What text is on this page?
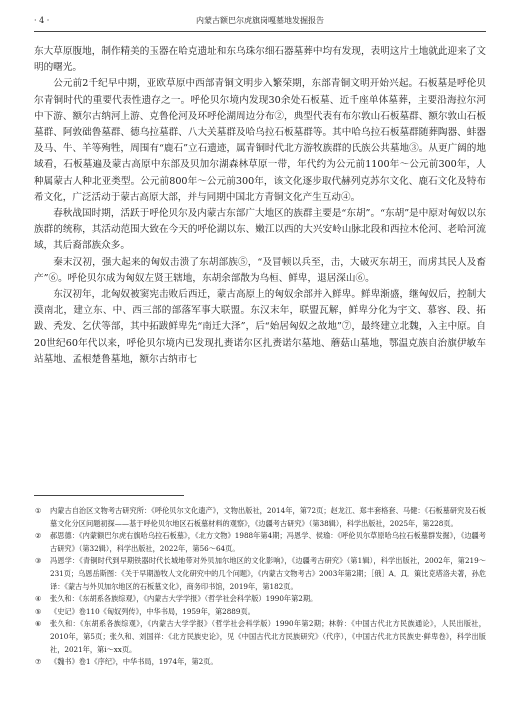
· 4 ·	内蒙古额巴尔虎旗岗嘎墓地发掘报告

东大草原腹地，制作精美的玉器在哈克遗址和东乌珠尔细石器墓葬中均有发现，表明这片土地就此迎来了文明的曙光。

公元前2千纪早中期，亚欧草原中西部青铜文明步入繁荣期，东部青铜文明开始兴起。石板墓是呼伦贝尔青铜时代的重要代表性遗存之一。呼伦贝尔境内发现30余处石板墓、近千座单体墓葬，主要沿海拉尔河中下游、额尔古纳河上游、克鲁伦河及环呼伦湖周边分布②，典型代表有布尔敦山石板墓群、额尔敦山石板墓群、阿敦础鲁墓群、德乌拉墓群、八大关墓群及哈乌拉石板墓群等。其中哈乌拉石板墓群随葬陶器、蚌器及马、牛、羊等殉牲，周围有“鹿石”立石遗迹，属青铜时代北方游牧族群的氏族公共墓地③。从更广阔的地域看，石板墓遍及蒙古高原中东部及贝加尔湖森林草原一带，年代约为公元前1100年～公元前300年，人种属蒙古人种北亚类型。公元前800年～公元前300年，该文化逐步取代赫列克苏尔文化、鹿石文化及特布希文化，广泛活动于蒙古高原大部，并与同期中国北方青铜文化产生互动④。

春秋战国时期，活跃于呼伦贝尔及内蒙古东部广大地区的族群主要是“东胡”。“东胡”是中原对匈奴以东族群的统称，其活动范围大致在今天的呼伦湖以东、嫩江以西的大兴安岭山脉北段和西拉木伦河、老哈河流域，其后裔部族众多。

秦末汉初，强大起来的匈奴击溃了东胡部族⑤，“及冒顿以兵至，击，大破灭东胡王，而虏其民人及畜产”⑥。呼伦贝尔成为匈奴左贤王辖地，东胡余部散为乌桓、鲜卑，退居深山⑥。

东汉初年，北匈奴被窦宪击败后西迁，蒙古高原上的匈奴余部并入鲜卑。鲜卑渐盛，继匈奴后，控制大漠南北，建立东、中、西三部的部落军事大联盟。东汉末年，联盟瓦解，鲜卑分化为宇文、慕容、段、拓跋、秃发、乞伏等部，其中拓跋鲜卑先“南迁大泽”，后“始居匈奴之故地”⑦，最终建立北魏，入主中原。自20世纪60年代以来，呼伦贝尔境内已发现扎赉诺尔区扎赉诺尔墓地、蘑菇山墓地，鄂温克族自治旗伊敏车站墓地、孟根楚鲁墓地，额尔古纳市七

① 内蒙古自治区文物考古研究所：《呼伦贝尔文化遗产》，文物出版社，2014年，第72页；赵龙江、郑丰套格套、马健：《石板墓研究及石板墓文化分区问题初探——基于呼伦贝尔地区石板墓材料的观察》，《边疆考古研究》（第38辑），科学出版社，2025年，第228页。

② 郝思德：《内蒙额巴尔虎右旗哈乌拉石板墓》，《北方文物》1988年第4期；冯恩学、侯瑜：《呼伦贝尔草原哈乌拉石板墓群发掘》，《边疆考古研究》（第32辑），科学出版社，2022年，第56～64页。

③ 冯恩学：《青铜时代到早期铁器时代长城地带对外贝加尔地区的文化影响》，《边疆考古研究》（第1辑），科学出版社，2002年，第219～231页；乌恩岳斯图：《关于早期游牧人文化研究中的几个问题》，《内蒙古文物考古》2003年第2期；［俄］A．Д．策比克塔洛夫著，孙危译：《蒙古与外贝加尔地区的石板墓文化》，商务印书馆，2019年，第182页。

④ 张久和：《东胡系各族综观》，《内蒙古大学学报》（哲学社会科学版）1990年第2期。

⑤ 《史记》卷110《匈奴列传》，中华书局，1959年，第2889页。

⑥ 张久和：《东胡系各族综观》，《内蒙古大学学报》（哲学社会科学版）1990年第2期；林幹：《中国古代北方民族通论》，人民出版社，2010年，第5页；张久和、刘国祥：《北方民族史论》，见《中国古代北方民族研究》（代序），《中国古代北方民族史·鲜卑卷》，科学出版社，2021年，第i～xx页。

⑦ 《魏书》卷1《序纪》，中华书局，1974年，第2页。
